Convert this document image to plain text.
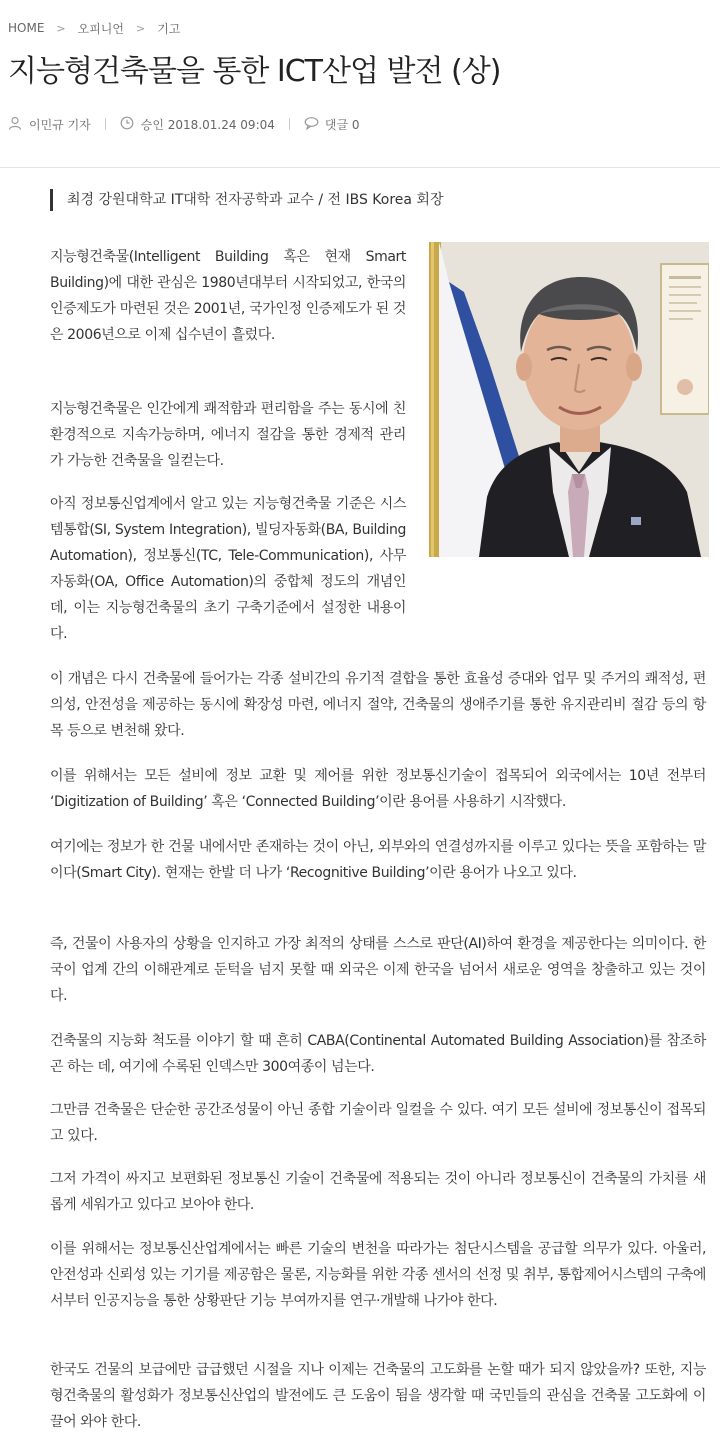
HOME > 오피니언 > 기고
지능형건축물을 통한 ICT산업 발전 (상)
이민규 기자	승인 2018.01.24 09:04	댓글 0
최경 강원대학교 IT대학 전자공학과 교수 / 전 IBS Korea 회장

지능형건축물(Intelligent Building 혹은 현재 Smart Building)에 대한 관심은 1980년대부터 시작되었고, 한국의 인증제도가 마련된 것은 2001년, 국가인정 인증제도가 된 것은 2006년으로 이제 십수년이 흘렀다.

지능형건축물은 인간에게 쾌적함과 편리함을 주는 동시에 친환경적으로 지속가능하며, 에너지 절감을 통한 경제적 관리가 가능한 건축물을 일컫는다.

아직 정보통신업계에서 알고 있는 지능형건축물 기준은 시스템통합(SI, System Integration), 빌딩자동화(BA, Building Automation), 정보통신(TC, Tele-Communication), 사무자동화(OA, Office Automation)의 중합체 정도의 개념인데, 이는 지능형건축물의 초기 구축기준에서 설정한 내용이다.

이 개념은 다시 건축물에 들어가는 각종 설비간의 유기적 결합을 통한 효율성 증대와 업무 및 주거의 쾌적성, 편의성, 안전성을 제공하는 동시에 확장성 마련, 에너지 절약, 건축물의 생애주기를 통한 유지관리비 절감 등의 항목 등으로 변천해 왔다.

이를 위해서는 모든 설비에 정보 교환 및 제어를 위한 정보통신기술이 접목되어 외국에서는 10년 전부터 ‘Digitization of Building’ 혹은 ‘Connected Building’이란 용어를 사용하기 시작했다.

여기에는 정보가 한 건물 내에서만 존재하는 것이 아닌, 외부와의 연결성까지를 이루고 있다는 뜻을 포함하는 말이다(Smart City). 현재는 한발 더 나가 ‘Recognitive Building’이란 용어가 나오고 있다.

즉, 건물이 사용자의 상황을 인지하고 가장 최적의 상태를 스스로 판단(AI)하여 환경을 제공한다는 의미이다. 한국이 업계 간의 이해관계로 둔턱을 넘지 못할 때 외국은 이제 한국을 넘어서 새로운 영역을 창출하고 있는 것이다.

건축물의 지능화 척도를 이야기 할 때 흔히 CABA(Continental Automated Building Association)를 참조하곤 하는 데, 여기에 수록된 인덱스만 300여종이 넘는다.

그만큼 건축물은 단순한 공간조성물이 아닌 종합 기술이라 일컬을 수 있다. 여기 모든 설비에 정보통신이 접목되고 있다.

그저 가격이 싸지고 보편화된 정보통신 기술이 건축물에 적용되는 것이 아니라 정보통신이 건축물의 가치를 새롭게 세워가고 있다고 보아야 한다.

이를 위해서는 정보통신산업계에서는 빠른 기술의 변천을 따라가는 첨단시스템을 공급할 의무가 있다. 아울러, 안전성과 신뢰성 있는 기기를 제공함은 물론, 지능화를 위한 각종 센서의 선정 및 취부, 통합제어시스템의 구축에서부터 인공지능을 통한 상황판단 기능 부여까지를 연구·개발해 나가야 한다.

한국도 건물의 보급에만 급급했던 시절을 지나 이제는 건축물의 고도화를 논할 때가 되지 않았을까? 또한, 지능형건축물의 활성화가 정보통신산업의 발전에도 큰 도움이 됨을 생각할 때 국민들의 관심을 건축물 고도화에 이끌어 와야 한다.
